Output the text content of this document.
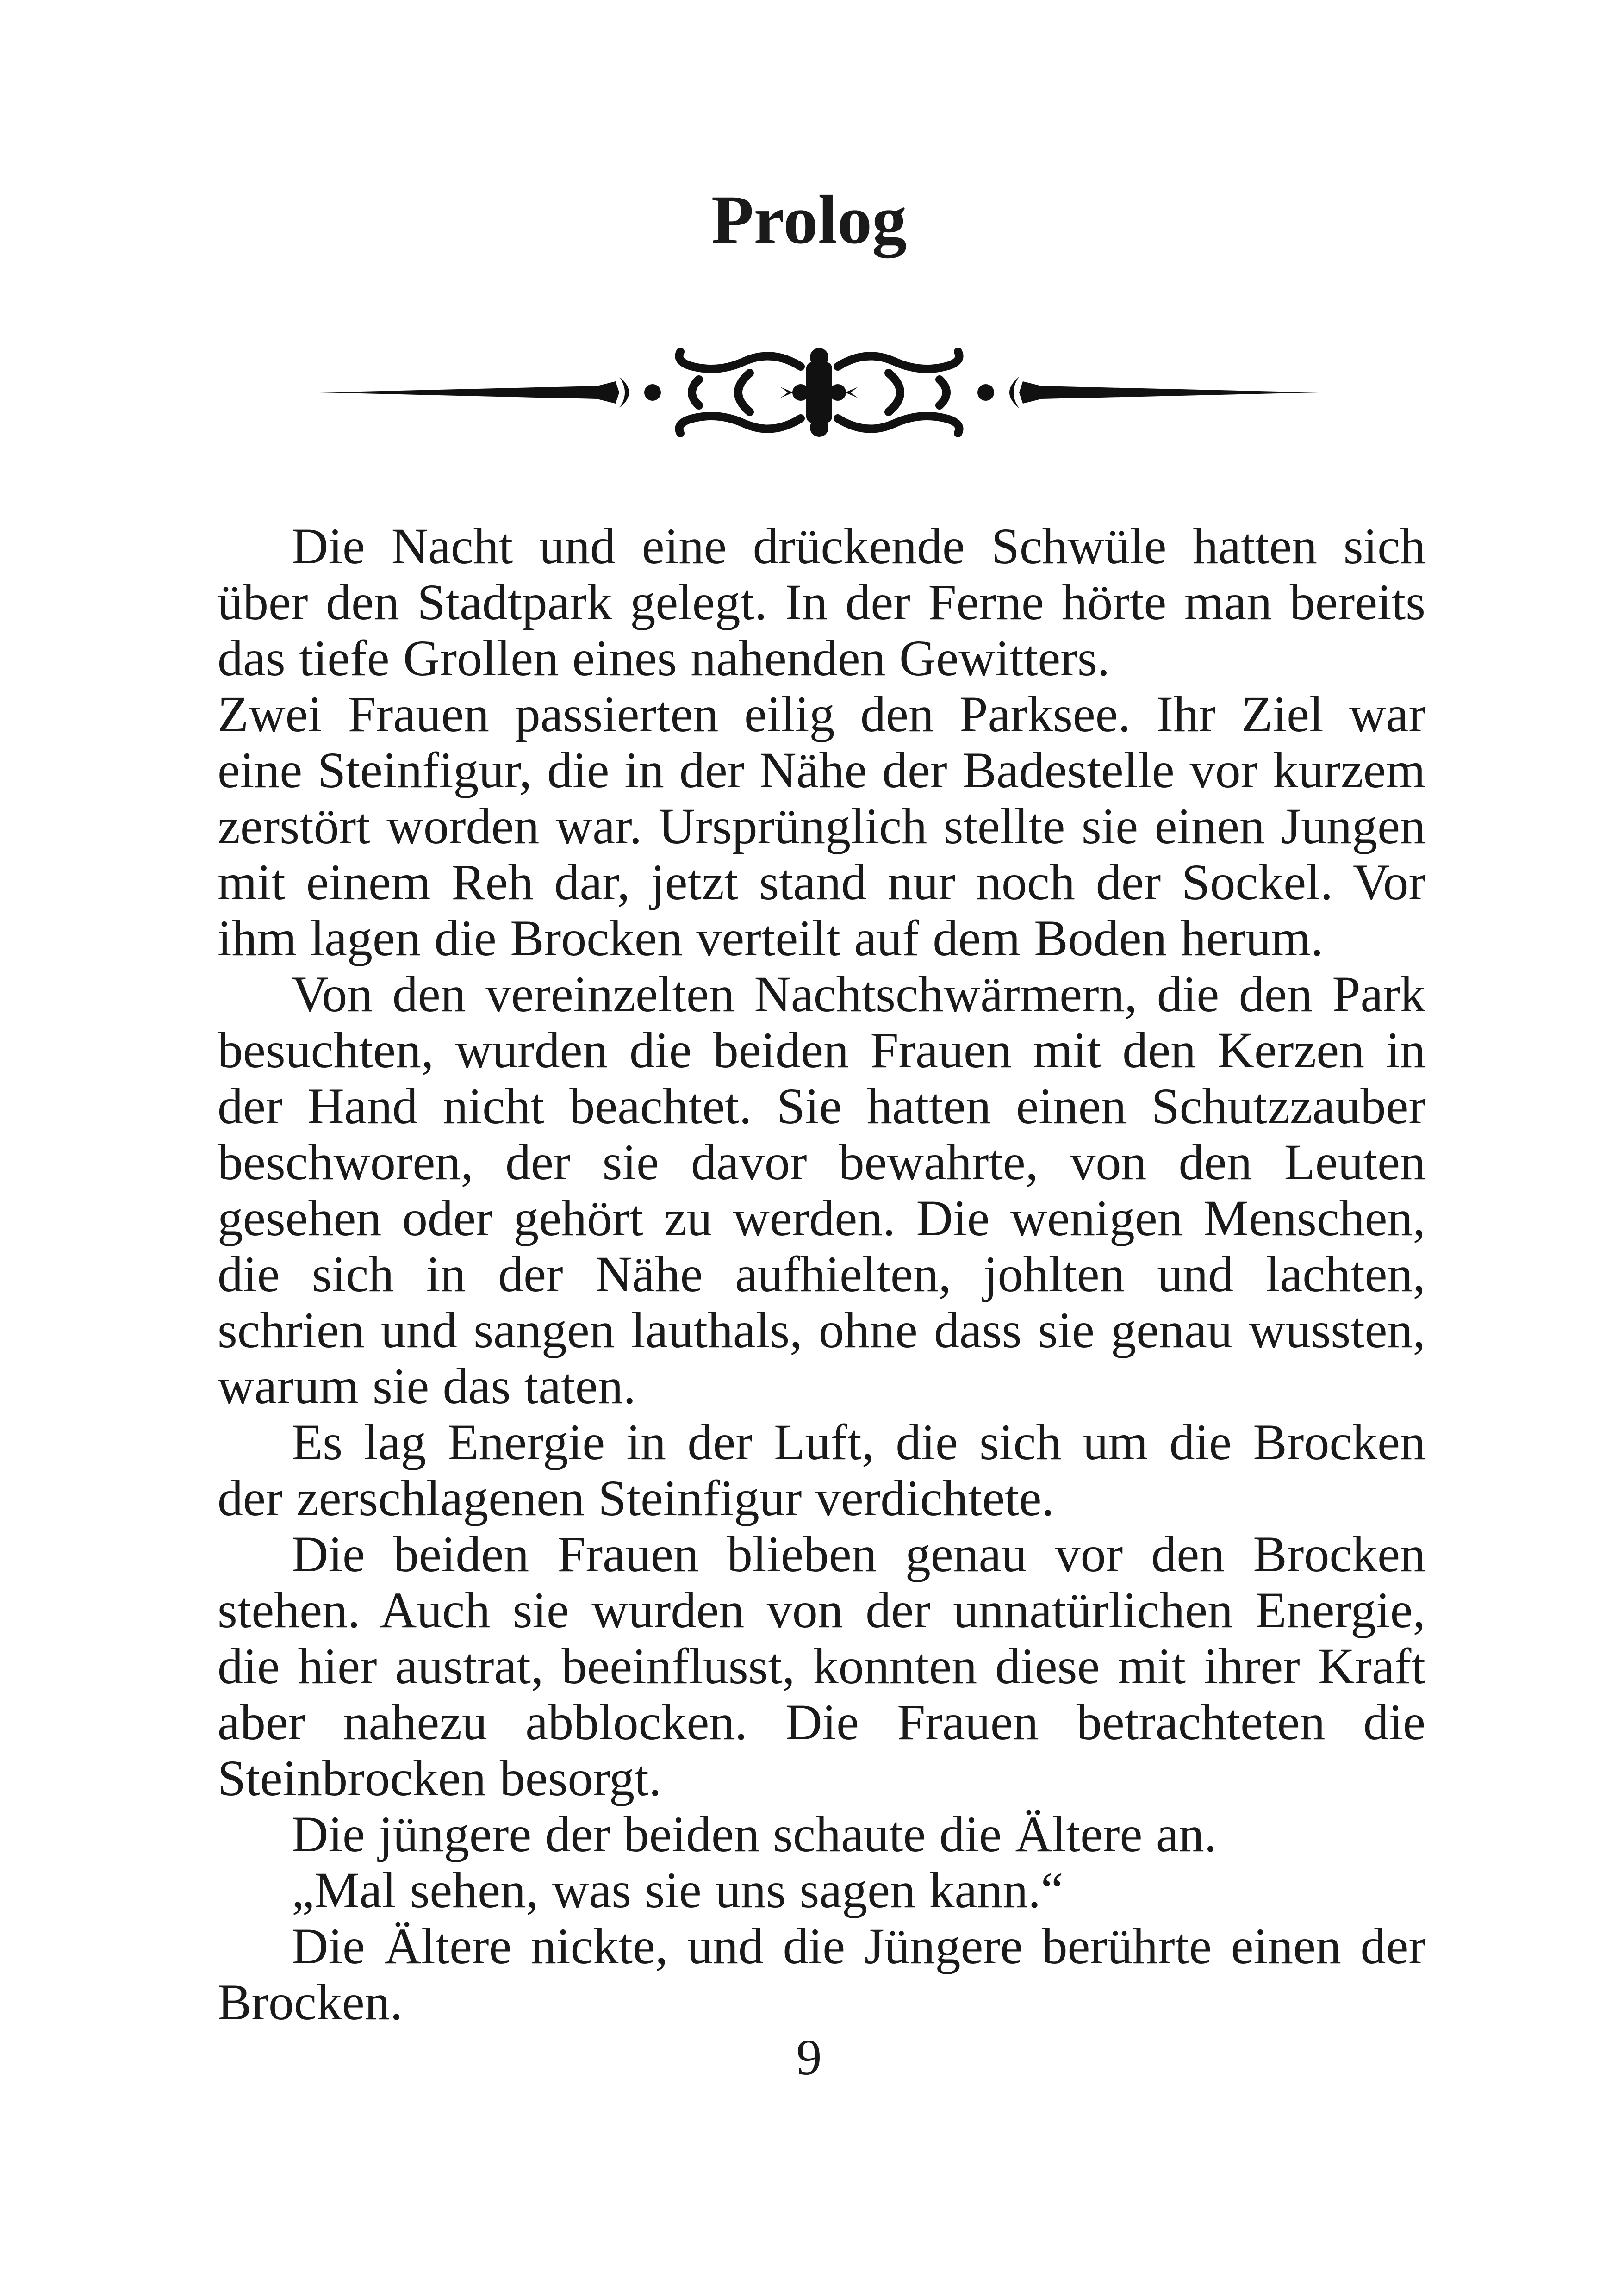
Prolog

Die Nacht und eine drückende Schwüle hatten sich über den Stadtpark gelegt. In der Ferne hörte man bereits das tiefe Grollen eines nahenden Gewitters.

Zwei Frauen passierten eilig den Parksee. Ihr Ziel war eine Steinfigur, die in der Nähe der Badestelle vor kurzem zerstört worden war. Ursprünglich stellte sie einen Jungen mit einem Reh dar, jetzt stand nur noch der Sockel. Vor ihm lagen die Brocken verteilt auf dem Boden herum.

Von den vereinzelten Nachtschwärmern, die den Park besuchten, wurden die beiden Frauen mit den Kerzen in der Hand nicht beachtet. Sie hatten einen Schutzzauber beschworen, der sie davor bewahrte, von den Leuten gesehen oder gehört zu werden. Die wenigen Menschen, die sich in der Nähe aufhielten, johlten und lachten, schrien und sangen lauthals, ohne dass sie genau wussten, warum sie das taten.

Es lag Energie in der Luft, die sich um die Brocken der zerschlagenen Steinfigur verdichtete.

Die beiden Frauen blieben genau vor den Brocken stehen. Auch sie wurden von der unnatürlichen Energie, die hier austrat, beeinflusst, konnten diese mit ihrer Kraft aber nahezu abblocken. Die Frauen betrachteten die Steinbrocken besorgt.

Die jüngere der beiden schaute die Ältere an.

„Mal sehen, was sie uns sagen kann.“

Die Ältere nickte, und die Jüngere berührte einen der Brocken.

9
